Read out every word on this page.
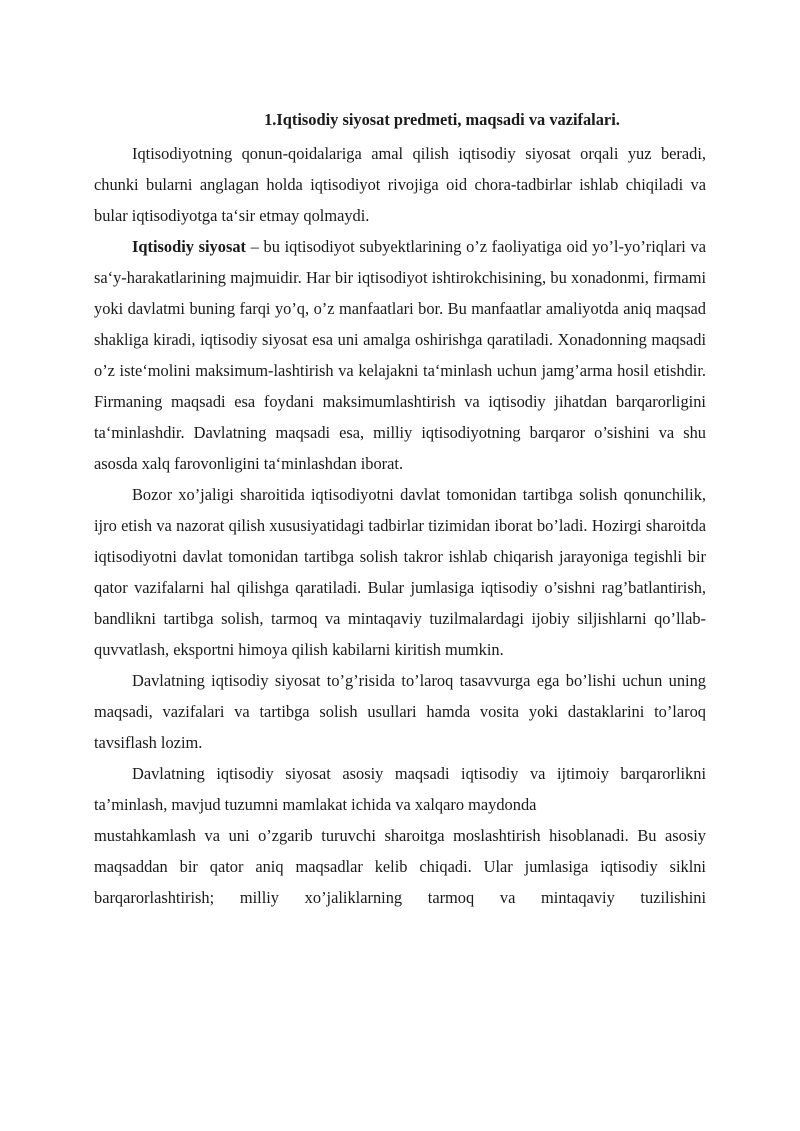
1.Iqtisodiy siyosat predmeti, maqsadi va vazifalari.

Iqtisodiyotning qonun-qoidalariga amal qilish iqtisodiy siyosat orqali yuz beradi, chunki bularni anglagan holda iqtisodiyot rivojiga oid chora-tadbirlar ishlab chiqiladi va bular iqtisodiyotga ta‘sir etmay qolmaydi.

Iqtisodiy siyosat – bu iqtisodiyot subyektlarining o’z faoliyatiga oid yo’l-yo’riqlari va sa‘y-harakatlarining majmuidir. Har bir iqtisodiyot ishtirokchisining, bu xonadonmi, firmami yoki davlatmi buning farqi yo’q, o’z manfaatlari bor. Bu manfaatlar amaliyotda aniq maqsad shakliga kiradi, iqtisodiy siyosat esa uni amalga oshirishga qaratiladi. Xonadonning maqsadi o’z iste‘molini maksimum-lashtirish va kelajakni ta‘minlash uchun jamg’arma hosil etishdir. Firmaning maqsadi esa foydani maksimumlashtirish va iqtisodiy jihatdan barqarorligini ta‘minlashdir. Davlatning maqsadi esa, milliy iqtisodiyotning barqaror o’sishini va shu asosda xalq farovonligini ta‘minlashdan iborat.

Bozor xo’jaligi sharoitida iqtisodiyotni davlat tomonidan tartibga solish qonunchilik, ijro etish va nazorat qilish xususiyatidagi tadbirlar tizimidan iborat bo’ladi. Hozirgi sharoitda iqtisodiyotni davlat tomonidan tartibga solish takror ishlab chiqarish jarayoniga tegishli bir qator vazifalarni hal qilishga qaratiladi. Bular jumlasiga iqtisodiy o’sishni rag’batlantirish, bandlikni tartibga solish, tarmoq va mintaqaviy tuzilmalardagi ijobiy siljishlarni qo’llab-quvvatlash, eksportni himoya qilish kabilarni kiritish mumkin.

Davlatning iqtisodiy siyosat to’g’risida to’laroq tasavvurga ega bo’lishi uchun uning maqsadi, vazifalari va tartibga solish usullari hamda vosita yoki dastaklarini to’laroq tavsiflash lozim.

Davlatning iqtisodiy siyosat asosiy maqsadi iqtisodiy va ijtimoiy barqarorlikni ta’minlash, mavjud tuzumni mamlakat ichida va xalqaro maydonda

mustahkamlash va uni o’zgarib turuvchi sharoitga moslashtirish hisoblanadi. Bu asosiy maqsaddan bir qator aniq maqsadlar kelib chiqadi. Ular jumlasiga iqtisodiy siklni barqarorlashtirish; milliy xo’jaliklarning tarmoq va mintaqaviy tuzilishini
